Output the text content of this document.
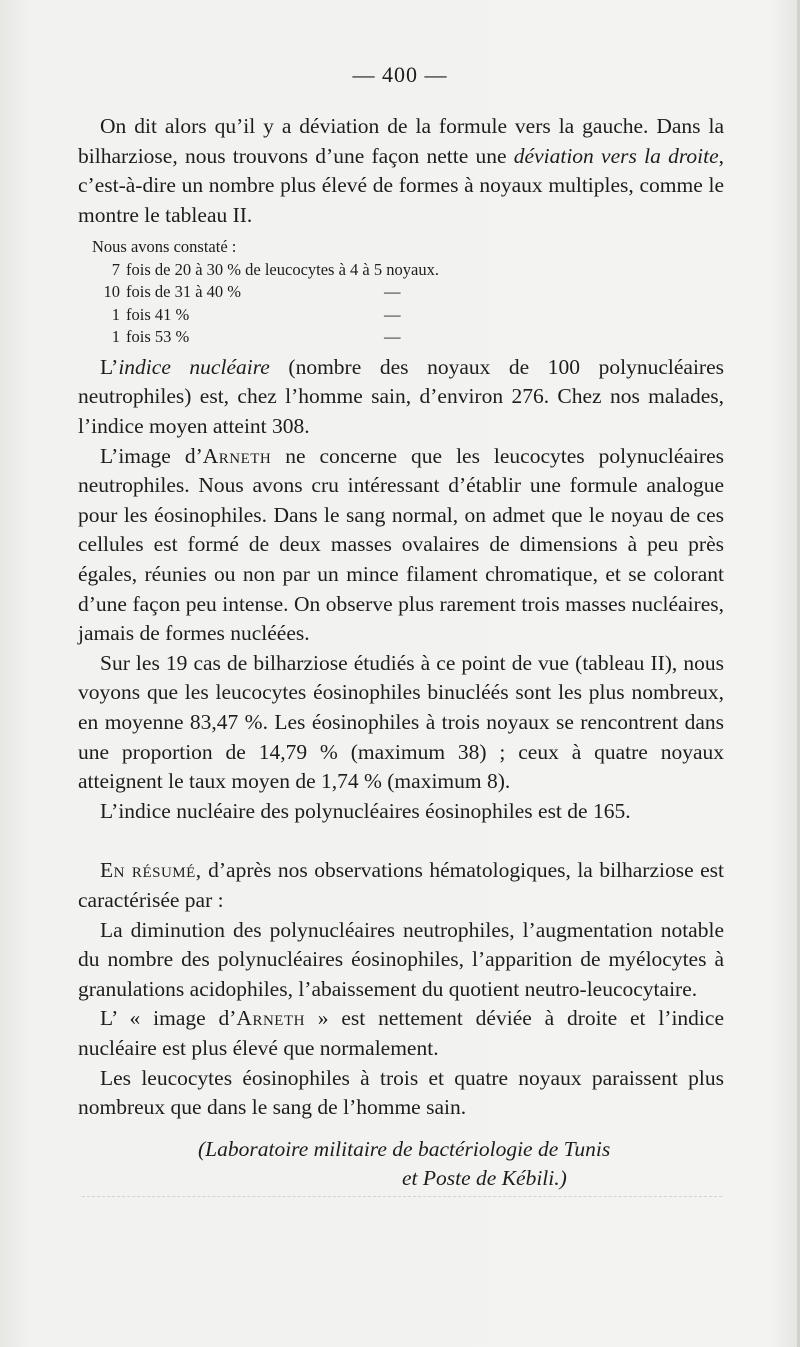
— 400 —

On dit alors qu’il y a déviation de la formule vers la gauche. Dans la bilharziose, nous trouvons d’une façon nette une déviation vers la droite, c’est-à-dire un nombre plus élevé de formes à noyaux multiples, comme le montre le tableau II.

Nous avons constaté :
7 fois de 20 à 30 % de leucocytes à 4 à 5 noyaux.
10 fois de 31 à 40 %	—
1 fois 41 %	—
1 fois 53 %	—

L’indice nucléaire (nombre des noyaux de 100 polynucléaires neutrophiles) est, chez l’homme sain, d’environ 276. Chez nos malades, l’indice moyen atteint 308.

L’image d’Arneth ne concerne que les leucocytes polynucléaires neutrophiles. Nous avons cru intéressant d’établir une formule analogue pour les éosinophiles. Dans le sang normal, on admet que le noyau de ces cellules est formé de deux masses ovalaires de dimensions à peu près égales, réunies ou non par un mince filament chromatique, et se colorant d’une façon peu intense. On observe plus rarement trois masses nucléaires, jamais de formes nucléées.

Sur les 19 cas de bilharziose étudiés à ce point de vue (tableau II), nous voyons que les leucocytes éosinophiles binucléés sont les plus nombreux, en moyenne 83,47 %. Les éosinophiles à trois noyaux se rencontrent dans une proportion de 14,79 % (maximum 38) ; ceux à quatre noyaux atteignent le taux moyen de 1,74 % (maximum 8).

L’indice nucléaire des polynucléaires éosinophiles est de 165.

En résumé, d’après nos observations hématologiques, la bilharziose est caractérisée par :

La diminution des polynucléaires neutrophiles, l’augmentation notable du nombre des polynucléaires éosinophiles, l’apparition de myélocytes à granulations acidophiles, l’abaissement du quotient neutro-leucocytaire.

L’ « image d’Arneth » est nettement déviée à droite et l’indice nucléaire est plus élevé que normalement.

Les leucocytes éosinophiles à trois et quatre noyaux paraissent plus nombreux que dans le sang de l’homme sain.

(Laboratoire militaire de bactériologie de Tunis
et Poste de Kébili.)
